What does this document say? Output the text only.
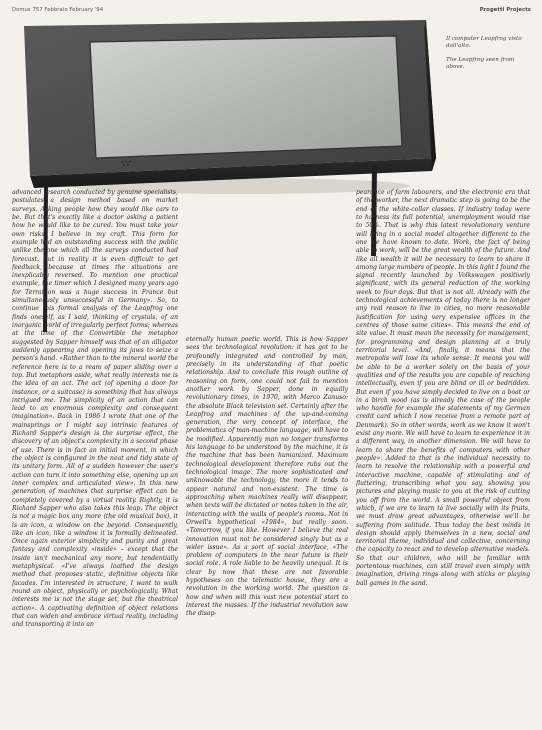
Domus 757 Febbraio February '94	Progetti Projects
Il computer Leapfrog visto dall'alto.
The Leapfrog seen from above.

advanced research conducted by genuine specialists, postulates a design method based on market surveys. Asking people how they would like cars to be. But that's exactly like a doctor asking a patient how he would like to be cured. You must take your own risks. I believe in my craft. This form for example had an outstanding success with the public unlike the one which all the surveys conducted had forecast. But in reality it is even difficult to get feedback, because at times the situations are inexplicably reversed. To mention one practical example, the timer which I designed many years ago for Terraillon was a huge success in France but simultaneously unsuccessful in Germany». So, to continue this formal analysis of the Leapfrog one finds oneself, as I said, thinking of crystals, of an inorganic world of irregularly perfect forms; whereas at the time of the Convertible the metaphor suggested by Sapper himself was that of an alligator suddenly appearing and opening its jaws to seize a person's hand. «Rather than to the mineral world the reference here is to a ream of paper sliding over a top. But metaphors aside, what really interests me is the idea of an act. The act (of opening a door for instance, or a suitcase) is something that has always intrigued me. The simplicity of an action that can lead to an enormous complexity and consequent imagination». Back in 1986 I wrote that one of the mainsprings or I might say intrinsic features of Richard Sapper's design is the surprise effect, the discovery of an object's complexity in a second phase of use. There is in fact an initial moment, in which the object is configured in the neat and tidy state of its unitary form. All of a sudden however the user's action can turn it into something else, opening up an inner complex and articulated view». In this new generation of machines that surprise effect can be completely covered by a virtual reality. Rightly, it is Richard Sapper who also takes this leap. The object is not a magic box any more (the old musical box), it is an icon, a window on the beyond. Consequently, like an icon, like a window it is formally delineated. Once again exterior simplicity and purity and great fantasy and complexity «inside» – except that the inside isn't mechanical any more, but tendentially metaphysical. «I've always loathed the design method that proposes static, definitive objects like facades. I'm interested in structure, I want to walk round an object, physically or psychologically. What interests me is not the stage set, but the theatrical action». A captivating definition of object relations that can widen and embrace virtual reality, including and transporting it into an

eternally human poetic world. This is how Sapper sees the technological revolution: it has got to be profoundly integrated and controlled by man, precisely in its understanding of that poetic relationship. And to conclude this rough outline of reasoning on form, one could not fail to mention another work by Sapper, done in equally revolutionary times, in 1970, with Marco Zanuso: the absolute Black television set. Certainly after the Leapfrog and machines of the up-and-coming generation, the very concept of interface, the problematics of man-machine language, will have to be modified. Apparently man no longer transforms his language to be understood by the machine, it is the machine that has been humanized. Maximum technological development therefore rubs out the technological image. The more sophisticated and unknowable the technology, the more it tends to appear natural and non-existent. The time is approaching when machines really will disappear, when texts will be dictated or notes taken in the air, interacting with the walls of people's rooms. Not in Orwell's hypothetical «1984», but really soon. «Tomorrow, if you like. However I believe the real innovation must not be considered singly but as a wider issue». As a sort of social interface, «The problem of computers in the near future is their social role. A role liable to be heavily unequal. It is clear by now that these are not favorable hypotheses on the telematic house, they are a revolution in the working world. The question is how and when will this vast new potential start to interest the masses. If the industrial revolution saw the disap-

pearance of farm labourers, and the electronic era that of the worker, the next dramatic step is going to be the end of the white-collar classes. If industry today were to harness its full potential, unemployment would rise to 50%. That is why this latest revolutionary venture will bring in a social model altogether different to the one we have known to date. Work, the fact of being able to work, will be the great wealth of the future. And like all wealth it will be necessary to learn to share it among large numbers of people. In this light I found the signal recently launched by Volkswagen positively significant, with its general reduction of the working week to four days. But that is not all. Already with the technological achievements of today there is no longer any real reason to live in cities, no more reasonable justification for using very expensive offices in the centres of those same cities». This means the end of site value. It must mean the necessity for management, for programming and design planning at a truly territorial level. «And, finally, it means that the metropolis will lose its whole sense. It means you will be able to be a worker solely on the basis of your qualities and of the results you are capable of reaching intellectually, even if you are blind or ill or bedridden. But even if you have simply decided to live on a boat or in a birch wood (as is already the case of the people who handle for example the statements of my German credit card which I now receive from a remote part of Denmark). So in other words, work as we know it won't exist any more. We will have to learn to experience it in a different way, in another dimension. We will have to learn to share the benefits of computers with other people». Added to that is the individual necessity to learn to resolve the relationship with a powerful and interactive machine, capable of stimulating and of fluttering, transcribing what you say, showing you pictures and playing music to you at the risk of cutting you off from the world. A small powerful object from which, if we are to learn to live socially with its fruits, we must draw great advantages, otherwise we'll be suffering from solitude. Thus today the best minds in design should apply themselves in a new, social and territorial theme, individual and collective, concerning the capacity to react and to develop alternative models. So that our children, who will be familiar with portentous machines, can still travel even simply with imagination, driving rings along with sticks or playing ball games in the sand.
